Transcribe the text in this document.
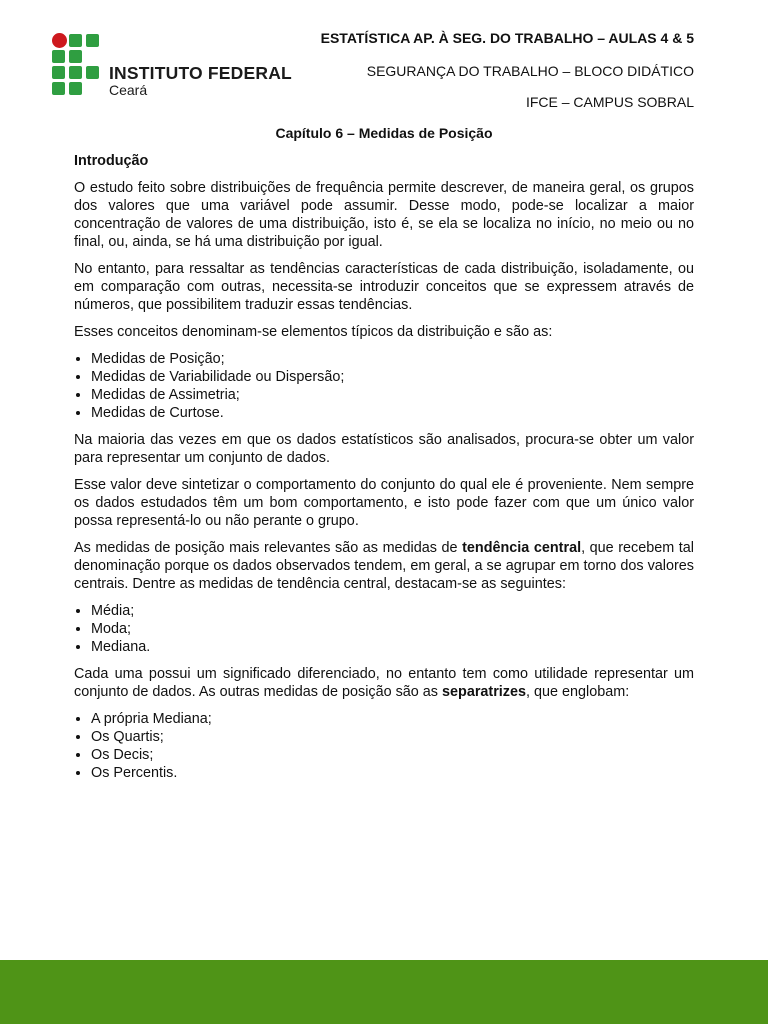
INSTITUTO FEDERAL
Ceará
ESTATÍSTICA AP. À SEG. DO TRABALHO – AULAS 4 & 5
SEGURANÇA DO TRABALHO – BLOCO DIDÁTICO
IFCE – CAMPUS SOBRAL
Capítulo 6 – Medidas de Posição
Introdução

O estudo feito sobre distribuições de frequência permite descrever, de maneira geral, os grupos dos valores que uma variável pode assumir. Desse modo, pode-se localizar a maior concentração de valores de uma distribuição, isto é, se ela se localiza no início, no meio ou no final, ou, ainda, se há uma distribuição por igual.

No entanto, para ressaltar as tendências características de cada distribuição, isoladamente, ou em comparação com outras, necessita-se introduzir conceitos que se expressem através de números, que possibilitem traduzir essas tendências.

Esses conceitos denominam-se elementos típicos da distribuição e são as:

• Medidas de Posição;
• Medidas de Variabilidade ou Dispersão;
• Medidas de Assimetria;
• Medidas de Curtose.

Na maioria das vezes em que os dados estatísticos são analisados, procura-se obter um valor para representar um conjunto de dados.

Esse valor deve sintetizar o comportamento do conjunto do qual ele é proveniente. Nem sempre os dados estudados têm um bom comportamento, e isto pode fazer com que um único valor possa representá-lo ou não perante o grupo.

As medidas de posição mais relevantes são as medidas de tendência central, que recebem tal denominação porque os dados observados tendem, em geral, a se agrupar em torno dos valores centrais. Dentre as medidas de tendência central, destacam-se as seguintes:

• Média;
• Moda;
• Mediana.

Cada uma possui um significado diferenciado, no entanto tem como utilidade representar um conjunto de dados. As outras medidas de posição são as separatrizes, que englobam:

• A própria Mediana;
• Os Quartis;
• Os Decis;
• Os Percentis.
